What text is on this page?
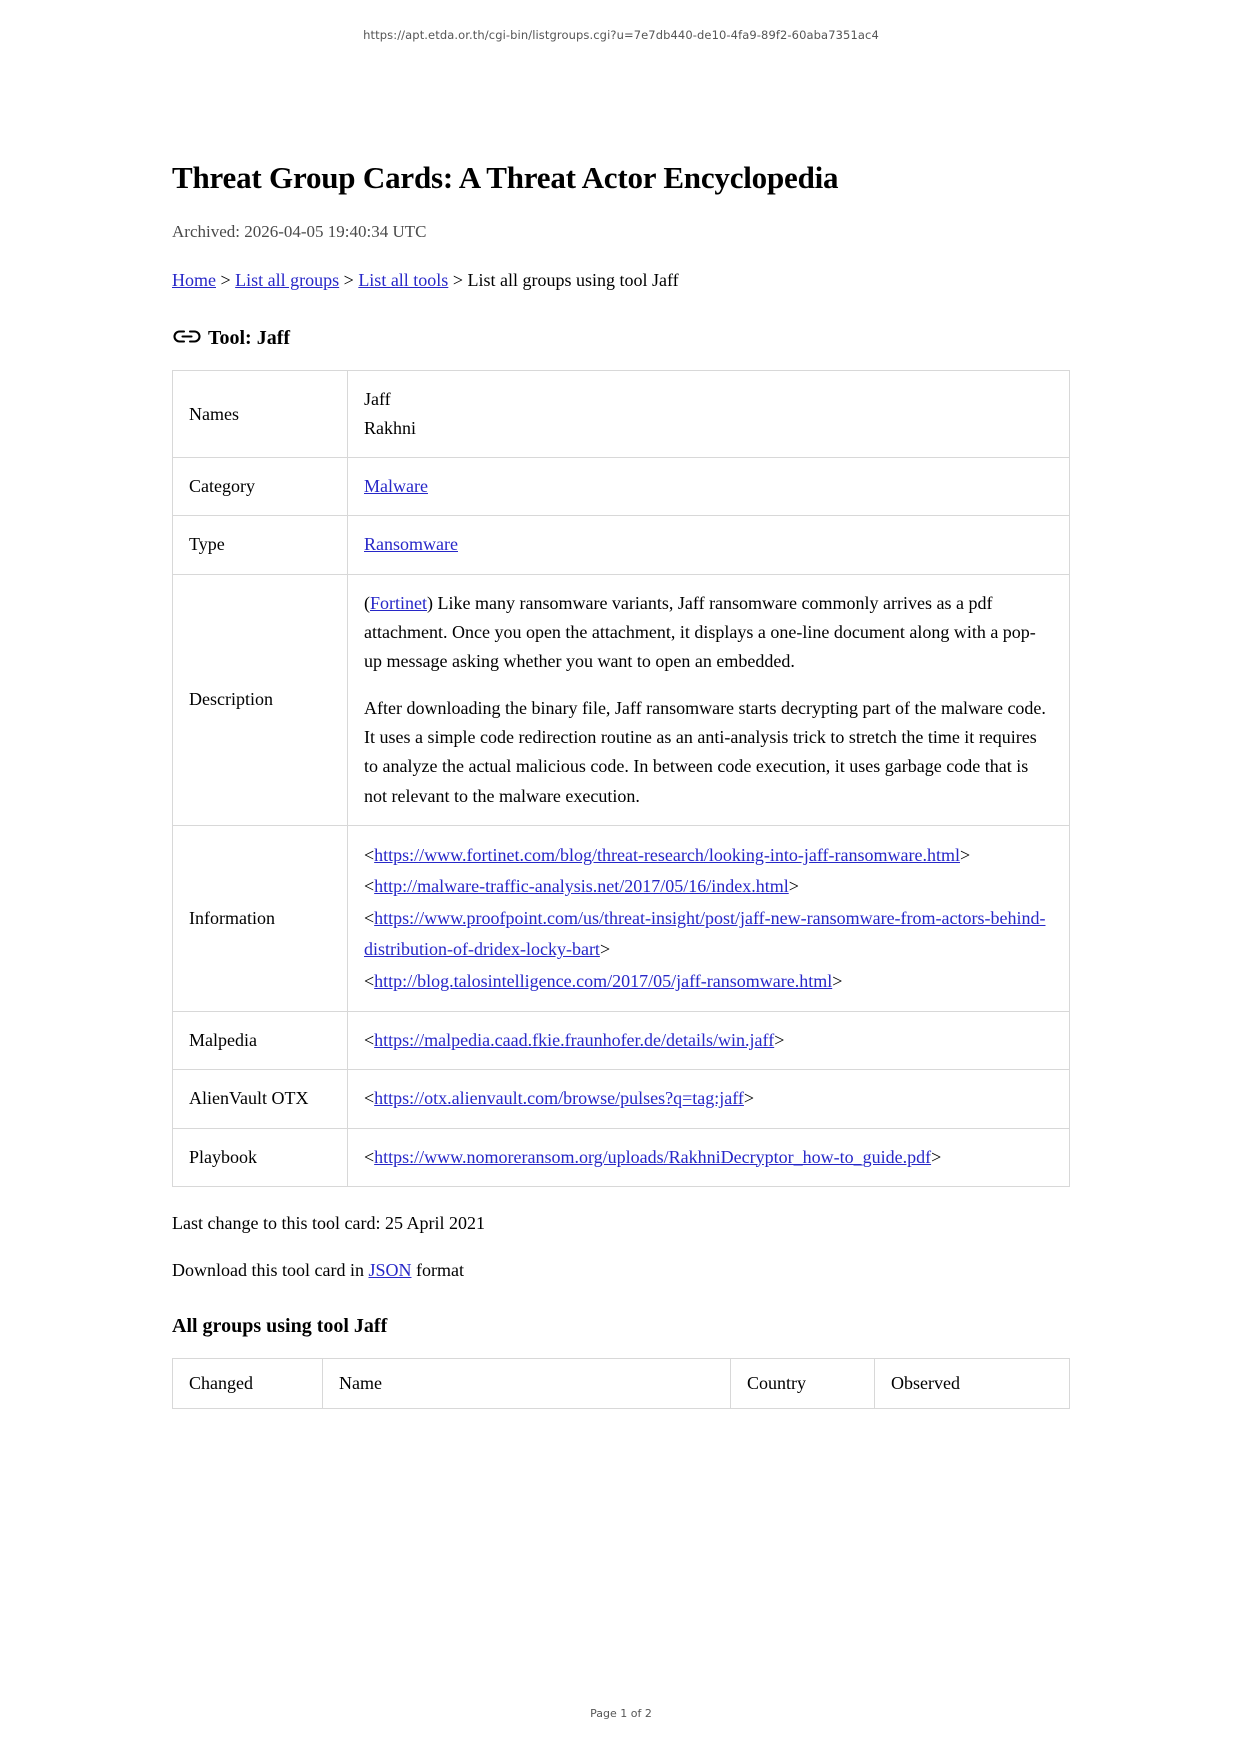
https://apt.etda.or.th/cgi-bin/listgroups.cgi?u=7e7db440-de10-4fa9-89f2-60aba7351ac4
Threat Group Cards: A Threat Actor Encyclopedia
Archived: 2026-04-05 19:40:34 UTC
Home > List all groups > List all tools > List all groups using tool Jaff
Tool: Jaff
Names	Jaff
Rakhni

Category	Malware
Type	Ransomware
Description	(Fortinet) Like many ransomware variants, Jaff ransomware commonly arrives as a pdf attachment. Once you open the attachment, it displays a one-line document along with a pop-up message asking whether you want to open an embedded.

After downloading the binary file, Jaff ransomware starts decrypting part of the malware code. It uses a simple code redirection routine as an anti-analysis trick to stretch the time it requires to analyze the actual malicious code. In between code execution, it uses garbage code that is not relevant to the malware execution.

Information	<https://www.fortinet.com/blog/threat-research/looking-into-jaff-ransomware.html>
<http://malware-traffic-analysis.net/2017/05/16/index.html>
<https://www.proofpoint.com/us/threat-insight/post/jaff-new-ransomware-from-actors-behind-distribution-of-dridex-locky-bart>
<http://blog.talosintelligence.com/2017/05/jaff-ransomware.html>

Malpedia	<https://malpedia.caad.fkie.fraunhofer.de/details/win.jaff>
AlienVault OTX	<https://otx.alienvault.com/browse/pulses?q=tag:jaff>
Playbook	<https://www.nomoreransom.org/uploads/RakhniDecryptor_how-to_guide.pdf>
Last change to this tool card: 25 April 2021
Download this tool card in JSON format
All groups using tool Jaff
Changed	Name	Country	Observed
Page 1 of 2
